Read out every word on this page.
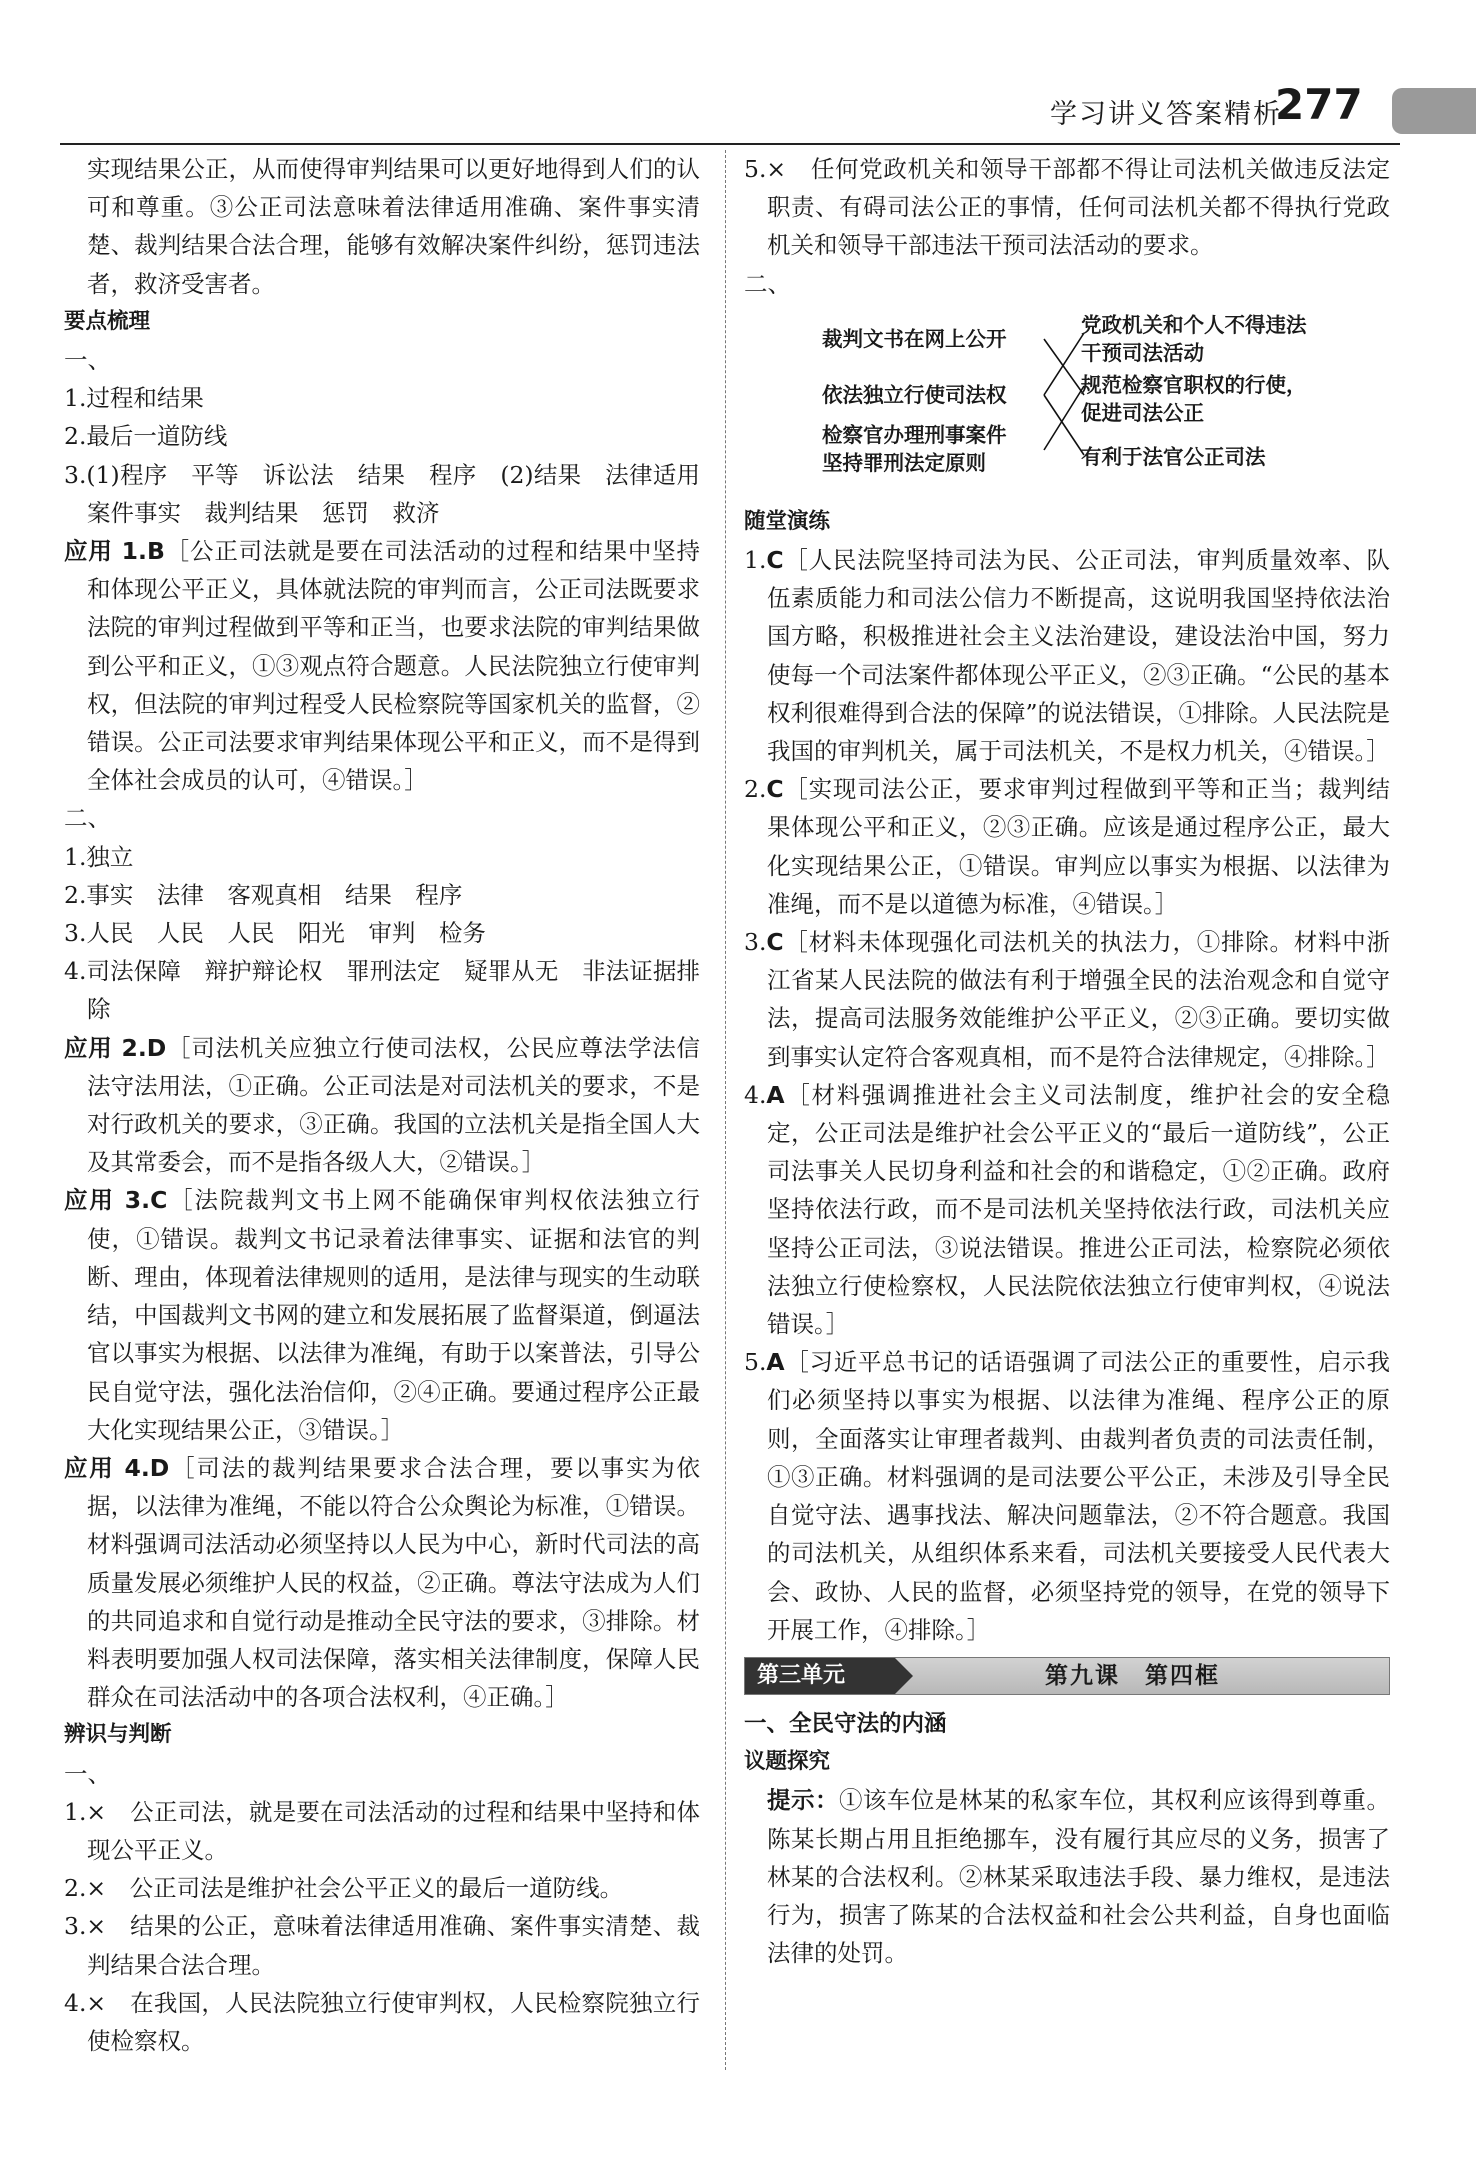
学习讲义答案精析
277

实现结果公正，从而使得审判结果可以更好地得到人们的认可和尊重。③公正司法意味着法律适用准确、案件事实清楚、裁判结果合法合理，能够有效解决案件纠纷，惩罚违法者，救济受害者。

要点梳理

一、

1.过程和结果

2.最后一道防线

3.(1)程序　平等　诉讼法　结果　程序　(2)结果　法律适用　案件事实　裁判结果　惩罚　救济

应用 1.B［公正司法就是要在司法活动的过程和结果中坚持和体现公平正义，具体就法院的审判而言，公正司法既要求法院的审判过程做到平等和正当，也要求法院的审判结果做到公平和正义，①③观点符合题意。人民法院独立行使审判权，但法院的审判过程受人民检察院等国家机关的监督，②错误。公正司法要求审判结果体现公平和正义，而不是得到全体社会成员的认可，④错误。］

二、

1.独立

2.事实　法律　客观真相　结果　程序

3.人民　人民　人民　阳光　审判　检务

4.司法保障　辩护辩论权　罪刑法定　疑罪从无　非法证据排除

应用 2.D［司法机关应独立行使司法权，公民应尊法学法信法守法用法，①正确。公正司法是对司法机关的要求，不是对行政机关的要求，③正确。我国的立法机关是指全国人大及其常委会，而不是指各级人大，②错误。］

应用 3.C［法院裁判文书上网不能确保审判权依法独立行使，①错误。裁判文书记录着法律事实、证据和法官的判断、理由，体现着法律规则的适用，是法律与现实的生动联结，中国裁判文书网的建立和发展拓展了监督渠道，倒逼法官以事实为根据、以法律为准绳，有助于以案普法，引导公民自觉守法，强化法治信仰，②④正确。要通过程序公正最大化实现结果公正，③错误。］

应用 4.D［司法的裁判结果要求合法合理，要以事实为依据，以法律为准绳，不能以符合公众舆论为标准，①错误。材料强调司法活动必须坚持以人民为中心，新时代司法的高质量发展必须维护人民的权益，②正确。尊法守法成为人们的共同追求和自觉行动是推动全民守法的要求，③排除。材料表明要加强人权司法保障，落实相关法律制度，保障人民群众在司法活动中的各项合法权利，④正确。］

辨识与判断

一、

1.×　公正司法，就是要在司法活动的过程和结果中坚持和体现公平正义。

2.×　公正司法是维护社会公平正义的最后一道防线。

3.×　结果的公正，意味着法律适用准确、案件事实清楚、裁判结果合法合理。

4.×　在我国，人民法院独立行使审判权，人民检察院独立行使检察权。

5.×　任何党政机关和领导干部都不得让司法机关做违反法定职责、有碍司法公正的事情，任何司法机关都不得执行党政机关和领导干部违法干预司法活动的要求。

二、

裁判文书在网上公开
依法独立行使司法权
检察官办理刑事案件
坚持罪刑法定原则
党政机关和个人不得违法
干预司法活动
规范检察官职权的行使，
促进司法公正
有利于法官公正司法

随堂演练

1.C［人民法院坚持司法为民、公正司法，审判质量效率、队伍素质能力和司法公信力不断提高，这说明我国坚持依法治国方略，积极推进社会主义法治建设，建设法治中国，努力使每一个司法案件都体现公平正义，②③正确。“公民的基本权利很难得到合法的保障”的说法错误，①排除。人民法院是我国的审判机关，属于司法机关，不是权力机关，④错误。］

2.C［实现司法公正，要求审判过程做到平等和正当；裁判结果体现公平和正义，②③正确。应该是通过程序公正，最大化实现结果公正，①错误。审判应以事实为根据、以法律为准绳，而不是以道德为标准，④错误。］

3.C［材料未体现强化司法机关的执法力，①排除。材料中浙江省某人民法院的做法有利于增强全民的法治观念和自觉守法，提高司法服务效能维护公平正义，②③正确。要切实做到事实认定符合客观真相，而不是符合法律规定，④排除。］

4.A［材料强调推进社会主义司法制度，维护社会的安全稳定，公正司法是维护社会公平正义的“最后一道防线”，公正司法事关人民切身利益和社会的和谐稳定，①②正确。政府坚持依法行政，而不是司法机关坚持依法行政，司法机关应坚持公正司法，③说法错误。推进公正司法，检察院必须依法独立行使检察权，人民法院依法独立行使审判权，④说法错误。］

5.A［习近平总书记的话语强调了司法公正的重要性，启示我们必须坚持以事实为根据、以法律为准绳、程序公正的原则，全面落实让审理者裁判、由裁判者负责的司法责任制，①③正确。材料强调的是司法要公平公正，未涉及引导全民自觉守法、遇事找法、解决问题靠法，②不符合题意。我国的司法机关，从组织体系来看，司法机关要接受人民代表大会、政协、人民的监督，必须坚持党的领导，在党的领导下开展工作，④排除。］

第三单元	第九课　第四框

一、全民守法的内涵

议题探究

提示：①该车位是林某的私家车位，其权利应该得到尊重。陈某长期占用且拒绝挪车，没有履行其应尽的义务，损害了林某的合法权利。②林某采取违法手段、暴力维权，是违法行为，损害了陈某的合法权益和社会公共利益，自身也面临法律的处罚。
